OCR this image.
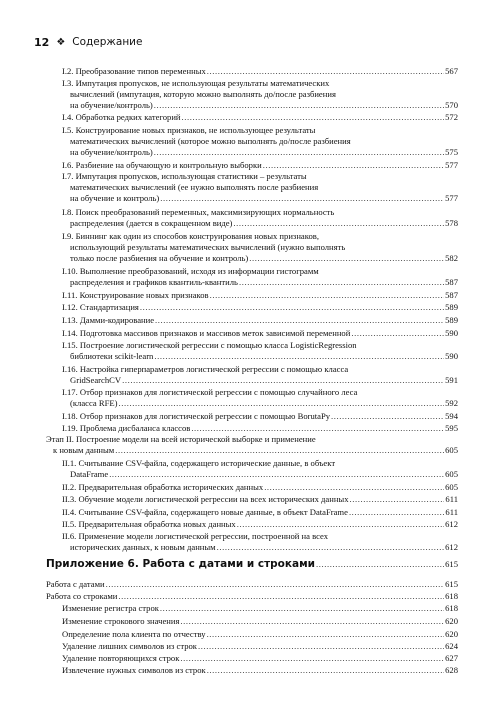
12 ❖ Содержание
I.2. Преобразование типов переменных .....	567
I.3. Импутация пропусков, не использующая результаты математических
вычислений (импутация, которую можно выполнять до/после разбиения
на обучение/контроль) .....	570
I.4. Обработка редких категорий .....	572
I.5. Конструирование новых признаков, не использующее результаты
математических вычислений (которое можно выполнять до/после разбиения
на обучение/контроль) .....	575
I.6. Разбиение на обучающую и контрольную выборки .....	577
I.7. Импутация пропусков, использующая статистики – результаты
математических вычислений (ее нужно выполнять после разбиения
на обучение и контроль) .....	577
I.8. Поиск преобразований переменных, максимизирующих нормальность
распределения (дается в сокращенном виде) .....	578
I.9. Биннинг как один из способов конструирования новых признаков,
использующий результаты математических вычислений (нужно выполнять
только после разбиения на обучение и контроль) .....	582
I.10. Выполнение преобразований, исходя из информации гистограмм
распределения и графиков квантиль-квантиль .....	587
I.11. Конструирование новых признаков .....	587
I.12. Стандартизация .....	589
I.13. Дамми-кодирование .....	589
I.14. Подготовка массивов признаков и массивов меток зависимой переменной .....	590
I.15. Построение логистической регрессии с помощью класса LogisticRegression
библиотеки scikit-learn .....	590
I.16. Настройка гиперпараметров логистической регрессии с помощью класса
GridSearchCV .....	591
I.17. Отбор признаков для логистической регрессии с помощью случайного леса
(класса RFE) .....	592
I.18. Отбор признаков для логистической регрессии с помощью BorutaPy .....	594
I.19. Проблема дисбаланса классов .....	595
Этап II. Построение модели на всей исторической выборке и применение
к новым данным .....	605
II.1. Считывание CSV-файла, содержащего исторические данные, в объект
DataFrame .....	605
II.2. Предварительная обработка исторических данных .....	605
II.3. Обучение модели логистической регрессии на всех исторических данных .....	611
II.4. Считывание CSV-файла, содержащего новые данные, в объект DataFrame .....	611
II.5. Предварительная обработка новых данных .....	612
II.6. Применение модели логистической регрессии, построенной на всех
исторических данных, к новым данным .....	612
Приложение 6. Работа с датами и строками .....	615
Работа с датами .....	615
Работа со строками .....	618
Изменение регистра строк .....	618
Изменение строкового значения .....	620
Определение пола клиента по отчеству .....	620
Удаление лишних символов из строк .....	624
Удаление повторяющихся строк .....	627
Извлечение нужных символов из строк .....	628
